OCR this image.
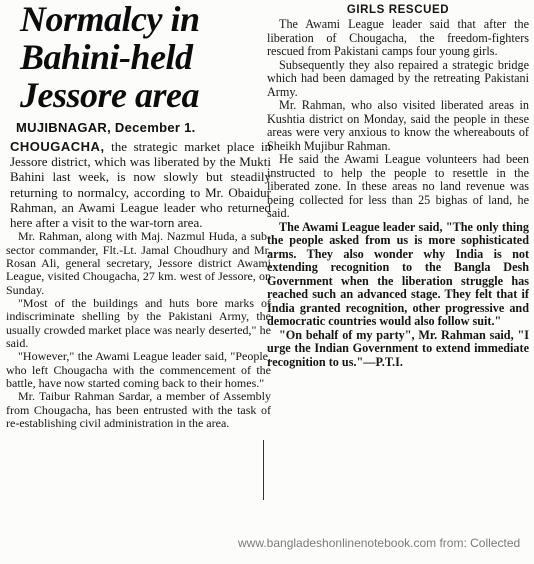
Normalcy in
Bahini-held
Jessore area
MUJIBNAGAR, December 1.

CHOUGACHA, the strategic market place in Jessore district, which was liberated by the Mukti Bahini last week, is now slowly but steadily returning to normalcy, according to Mr. Obaidur Rahman, an Awami League leader who returned here after a visit to the war-torn area.

Mr. Rahman, along with Maj. Nazmul Huda, a sub-sector commander, Flt.-Lt. Jamal Choudhury and Mr. Rosan Ali, general secretary, Jessore district Awami League, visited Chougacha, 27 km. west of Jessore, on Sunday.

"Most of the buildings and huts bore marks of indiscriminate shelling by the Pakistani Army, the usually crowded market place was nearly deserted," he said.

"However," the Awami League leader said, "People, who left Chougacha with the commencement of the battle, have now started coming back to their homes."

Mr. Taibur Rahman Sardar, a member of Assembly from Chougacha, has been entrusted with the task of re-establishing civil administration in the area.

GIRLS RESCUED

The Awami League leader said that after the liberation of Chougacha, the freedom-fighters rescued from Pakistani camps four young girls.

Subsequently they also repaired a strategic bridge which had been damaged by the retreating Pakistani Army.

Mr. Rahman, who also visited liberated areas in Kushtia district on Monday, said the people in these areas were very anxious to know the whereabouts of Sheikh Mujibur Rahman.

He said the Awami League volunteers had been instructed to help the people to resettle in the liberated zone. In these areas no land revenue was being collected for less than 25 bighas of land, he said.

The Awami League leader said, "The only thing the people asked from us is more sophisticated arms. They also wonder why India is not extending recognition to the Bangla Desh Government when the liberation struggle has reached such an advanced stage. They felt that if India granted recognition, other progressive and democratic countries would also follow suit."

"On behalf of my party", Mr. Rahman said, "I urge the Indian Government to extend immediate recognition to us."—P.T.I.

www.bangladeshonlinenotebook.com from: Collected
